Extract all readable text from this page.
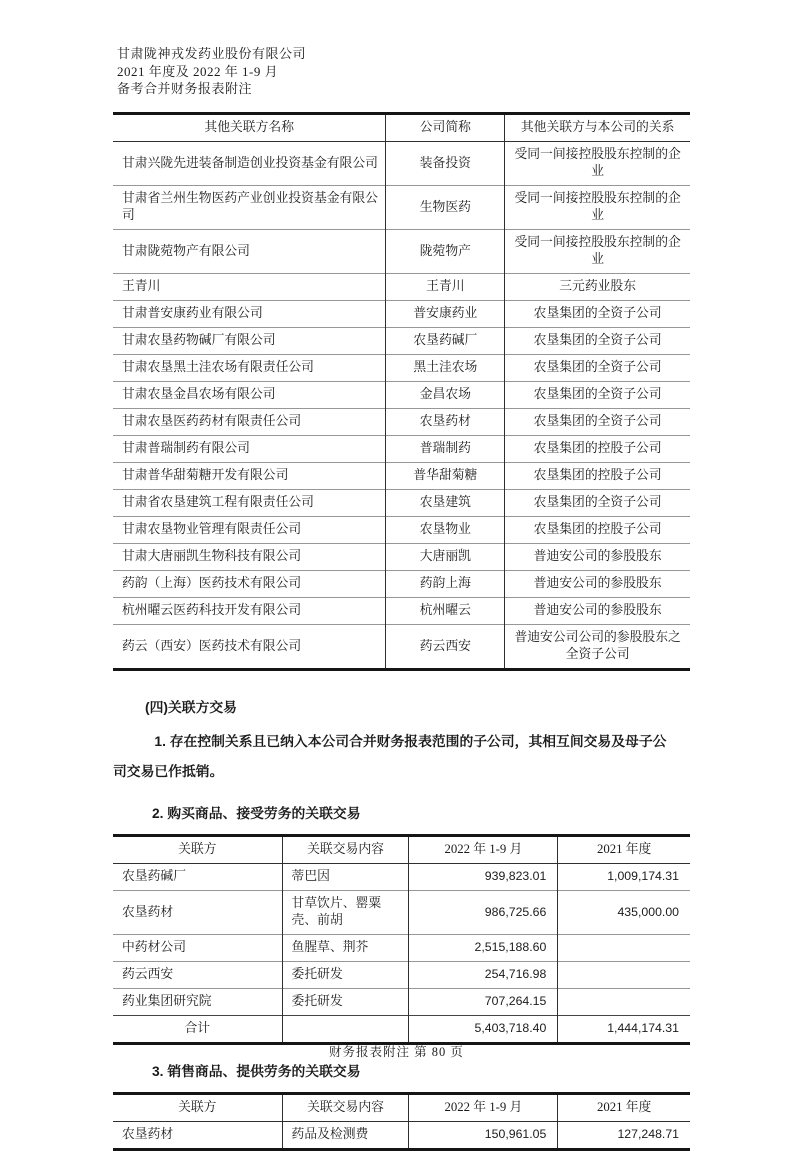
甘肃陇神戎发药业股份有限公司
2021 年度及 2022 年 1-9 月
备考合并财务报表附注
其他关联方名称	公司简称	其他关联方与本公司的关系
甘肃兴陇先进装备制造创业投资基金有限公司	装备投资	受同一间接控股股东控制的企业
甘肃省兰州生物医药产业创业投资基金有限公司	生物医药	受同一间接控股股东控制的企业
甘肃陇菀物产有限公司	陇菀物产	受同一间接控股股东控制的企业
王青川	王青川	三元药业股东
甘肃普安康药业有限公司	普安康药业	农垦集团的全资子公司
甘肃农垦药物碱厂有限公司	农垦药碱厂	农垦集团的全资子公司
甘肃农垦黑土洼农场有限责任公司	黑土洼农场	农垦集团的全资子公司
甘肃农垦金昌农场有限公司	金昌农场	农垦集团的全资子公司
甘肃农垦医药药材有限责任公司	农垦药材	农垦集团的全资子公司
甘肃普瑞制药有限公司	普瑞制药	农垦集团的控股子公司
甘肃普华甜菊糖开发有限公司	普华甜菊糖	农垦集团的控股子公司
甘肃省农垦建筑工程有限责任公司	农垦建筑	农垦集团的全资子公司
甘肃农垦物业管理有限责任公司	农垦物业	农垦集团的控股子公司
甘肃大唐丽凯生物科技有限公司	大唐丽凯	普迪安公司的参股股东
药韵（上海）医药技术有限公司	药韵上海	普迪安公司的参股股东
杭州曜云医药科技开发有限公司	杭州曜云	普迪安公司的参股股东
药云（西安）医药技术有限公司	药云西安	普迪安公司公司的参股股东之全资子公司
(四)关联方交易

1. 存在控制关系且已纳入本公司合并财务报表范围的子公司，其相互间交易及母子公司交易已作抵销。

2. 购买商品、接受劳务的关联交易
关联方	关联交易内容	2022 年 1-9 月	2021 年度
农垦药碱厂	蒂巴因	939,823.01	1,009,174.31
农垦药材	甘草饮片、罂粟壳、前胡	986,725.66	435,000.00
中药材公司	鱼腥草、荆芥	2,515,188.60	
药云西安	委托研发	254,716.98	
药业集团研究院	委托研发	707,264.15	
合计		5,403,718.40	1,444,174.31
3. 销售商品、提供劳务的关联交易
关联方	关联交易内容	2022 年 1-9 月	2021 年度
农垦药材	药品及检测费	150,961.05	127,248.71
财务报表附注 第 80 页
